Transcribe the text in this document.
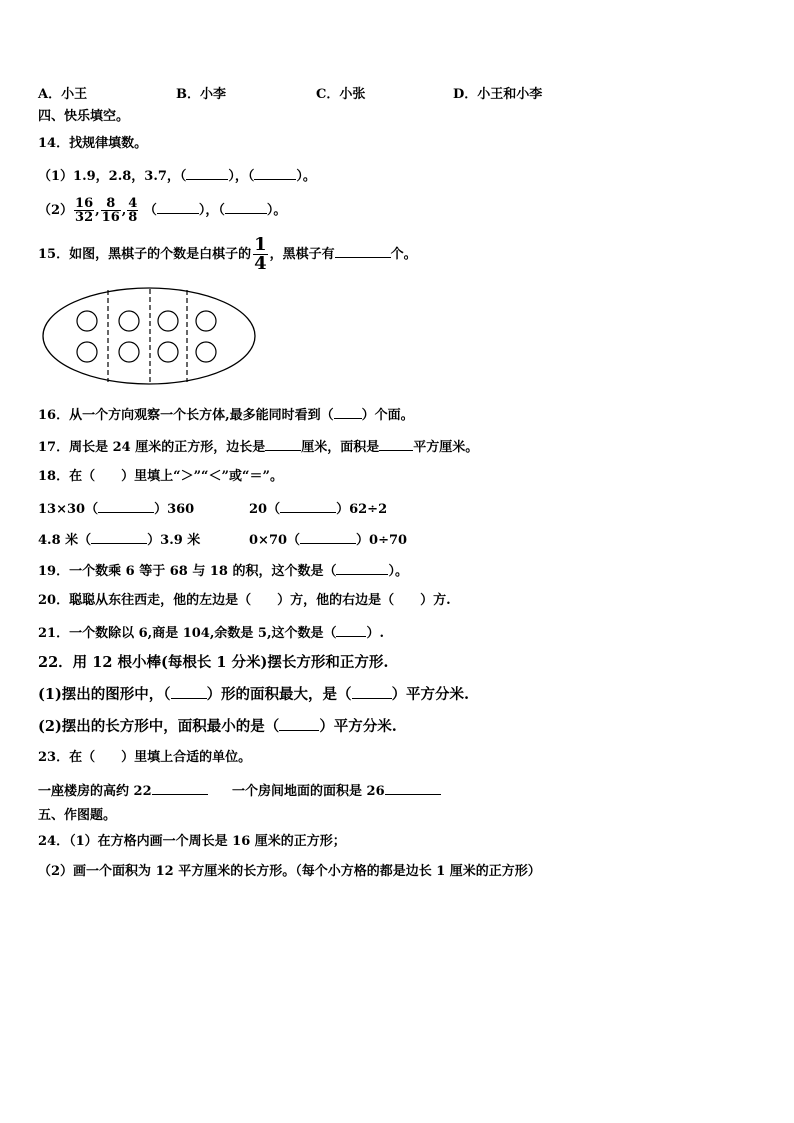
A．小王	B．小李	C．小张	D．小王和小李
四、快乐填空。
14．找规律填数。
（1）1.9，2.8，3.7，（	），（	）。
$(2) \frac{16}{32}$ , $\frac{8}{16}$ , $\frac{4}{8}$ （	），（	）。
15．如图，黑棋子的个数是白棋子的 $\frac{1}{4}$ ，黑棋子有	个。
16．从一个方向观察一个长方体,最多能同时看到（ ）个面。
17．周长是 24 厘米的正方形，边长是	厘米，面积是	平方厘米。
18．在（　　）里填上“＞”“＜”或“＝”。
13×30（	）360	20（	）62÷2
4.8 米（	）3.9 米	0×70（	）0÷70
19．一个数乘 6 等于 68 与 18 的积，这个数是（	）。
20．聪聪从东往西走，他的左边是（　　）方，他的右边是（　　）方.
21．一个数除以 6,商是 104,余数是 5,这个数是（ ）.
22．用 12 根小棒(每根长 1 分米)摆长方形和正方形.
(1)摆出的图形中，（ ）形的面积最大，是（	）平方分米.
(2)摆出的长方形中，面积最小的是（	）平方分米.
23．在（　　）里填上合适的单位。
一座楼房的高约 22	一个房间地面的面积是 26
五、作图题。
24．（1）在方格内画一个周长是 16 厘米的正方形；
（2）画一个面积为 12 平方厘米的长方形。（每个小方格的都是边长 1 厘米的正方形）
